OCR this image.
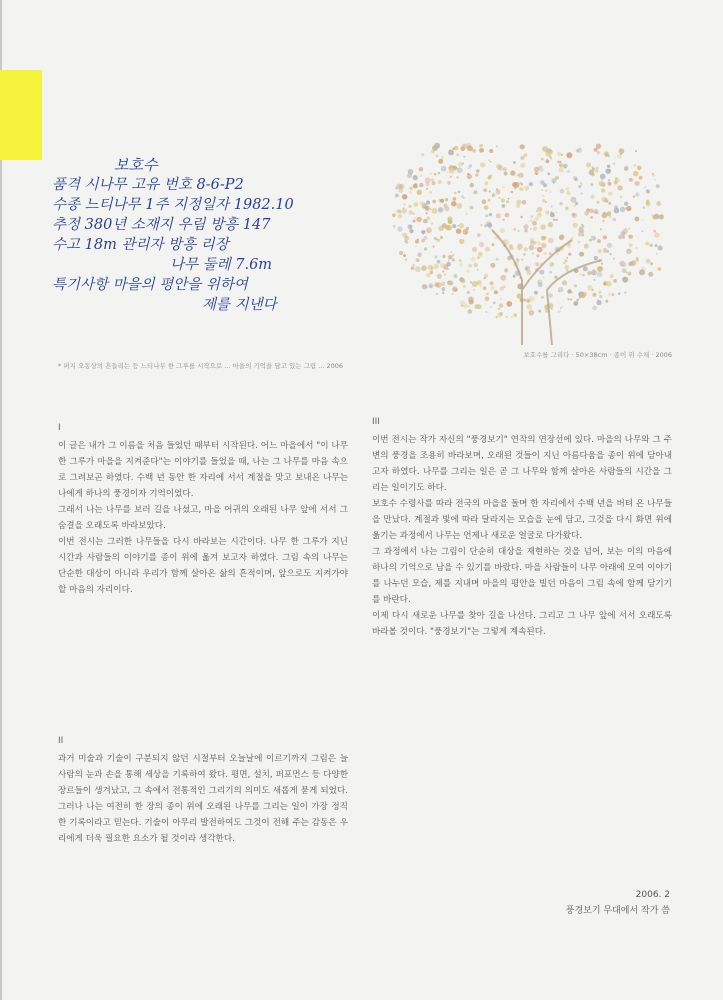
보호수
품격 시나무 고유 번호 8-6-P2
수종 느티나무 1주 지정일자 1982.10
추정 380년 소재지 우림 방흥 147
수고 18m 관리자 방흥 리장
나무 둘레 7.6m
특기사항 마을의 평안을 위하여
제를 지낸다
* 퍼지 오동상의 흔들리는 등 느티나무 한 그루를 시작으로 ... 마을의 기억을 담고 있는 그림 ... 2006
보호수를 그리다 · 50×38cm · 종이 위 수채 · 2006
I

이 글은 내가 그 이름을 처음 들었던 때부터 시작된다. 어느 마을에서 "이 나무 한 그루가 마을을 지켜준다"는 이야기를 들었을 때, 나는 그 나무를 마음 속으로 그려보곤 하였다. 수백 년 동안 한 자리에 서서 계절을 맞고 보내온 나무는 나에게 하나의 풍경이자 기억이었다.

그래서 나는 나무를 보러 길을 나섰고, 마을 어귀의 오래된 나무 앞에 서서 그 숨결을 오래도록 바라보았다.

이번 전시는 그러한 나무들을 다시 바라보는 시간이다. 나무 한 그루가 지닌 시간과 사람들의 이야기를 종이 위에 옮겨 보고자 하였다. 그림 속의 나무는 단순한 대상이 아니라 우리가 함께 살아온 삶의 흔적이며, 앞으로도 지켜가야 할 마음의 자리이다.

II

과거 미술과 기술이 구분되지 않던 시절부터 오늘날에 이르기까지 그림은 늘 사람의 눈과 손을 통해 세상을 기록하여 왔다. 평면, 설치, 퍼포먼스 등 다양한 장르들이 생겨났고, 그 속에서 전통적인 그리기의 의미도 새롭게 묻게 되었다. 그러나 나는 여전히 한 장의 종이 위에 오래된 나무를 그리는 일이 가장 정직한 기록이라고 믿는다. 기술이 아무리 발전하여도 그것이 전해 주는 감동은 우리에게 더욱 필요한 요소가 될 것이라 생각한다.

III

이번 전시는 작가 자신의 "풍경보기" 연작의 연장선에 있다. 마을의 나무와 그 주변의 풍경을 조용히 바라보며, 오래된 것들이 지닌 아름다움을 종이 위에 담아내고자 하였다. 나무를 그리는 일은 곧 그 나무와 함께 살아온 사람들의 시간을 그리는 일이기도 하다.

보호수 수령사를 따라 전국의 마을을 돌며 한 자리에서 수백 년을 버텨 온 나무들을 만났다. 계절과 빛에 따라 달라지는 모습을 눈에 담고, 그것을 다시 화면 위에 옮기는 과정에서 나무는 언제나 새로운 얼굴로 다가왔다.

그 과정에서 나는 그림이 단순히 대상을 재현하는 것을 넘어, 보는 이의 마음에 하나의 기억으로 남을 수 있기를 바랐다. 마을 사람들이 나무 아래에 모여 이야기를 나누던 모습, 제를 지내며 마을의 평안을 빌던 마음이 그림 속에 함께 담기기를 바란다.

이제 다시 새로운 나무를 찾아 길을 나선다. 그리고 그 나무 앞에 서서 오래도록 바라볼 것이다. "풍경보기"는 그렇게 계속된다.

2006. 2
풍경보기 무대에서 작가 씀
